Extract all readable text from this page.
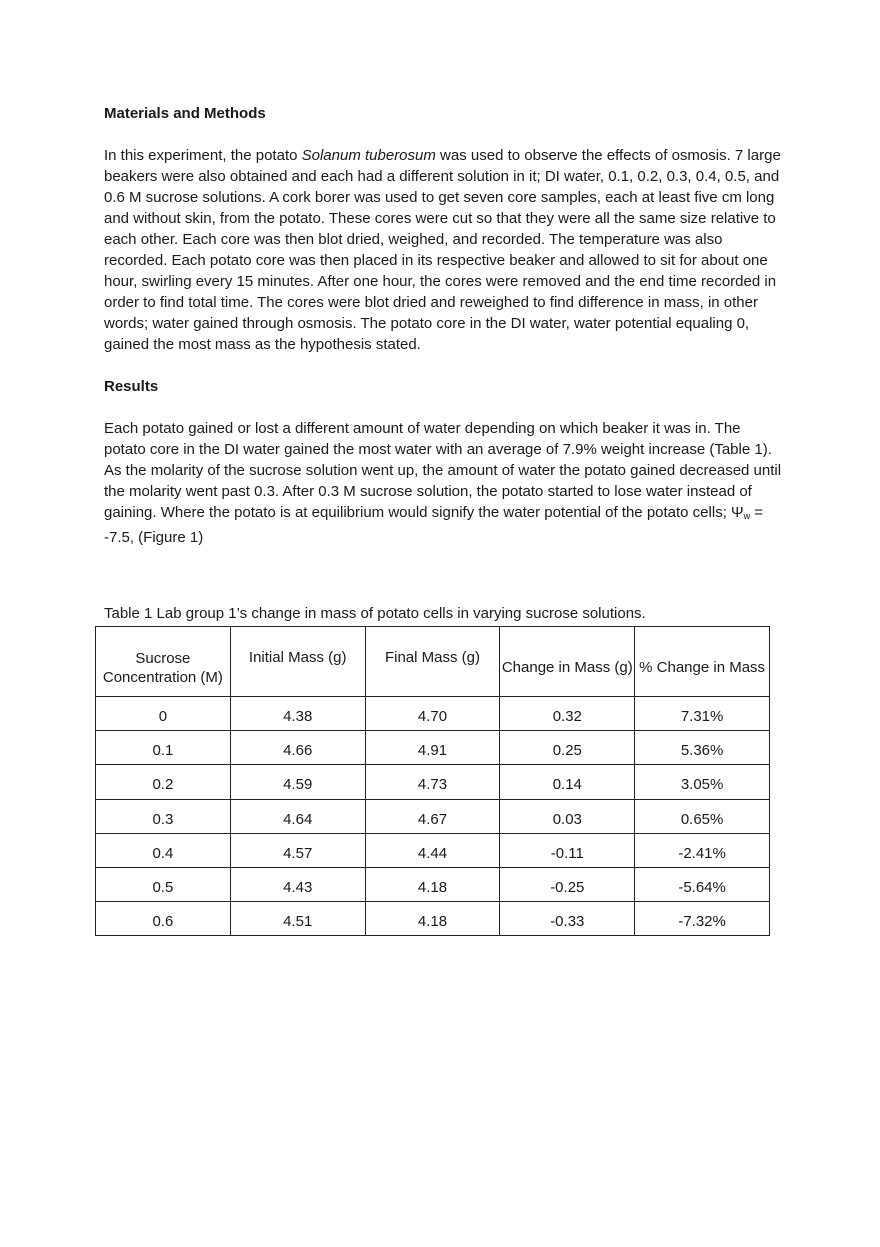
Materials and Methods

In this experiment, the potato Solanum tuberosum was used to observe the effects of osmosis. 7 large beakers were also obtained and each had a different solution in it; DI water, 0.1, 0.2, 0.3, 0.4, 0.5, and 0.6 M sucrose solutions. A cork borer was used to get seven core samples, each at least five cm long and without skin, from the potato. These cores were cut so that they were all the same size relative to each other. Each core was then blot dried, weighed, and recorded. The temperature was also recorded. Each potato core was then placed in its respective beaker and allowed to sit for about one hour, swirling every 15 minutes. After one hour, the cores were removed and the end time recorded in order to find total time. The cores were blot dried and reweighed to find difference in mass, in other words; water gained through osmosis. The potato core in the DI water, water potential equaling 0, gained the most mass as the hypothesis stated.

Results

Each potato gained or lost a different amount of water depending on which beaker it was in. The potato core in the DI water gained the most water with an average of 7.9% weight increase (Table 1). As the molarity of the sucrose solution went up, the amount of water the potato gained decreased until the molarity went past 0.3. After 0.3 M sucrose solution, the potato started to lose water instead of gaining. Where the potato is at equilibrium would signify the water potential of the potato cells; Ψw = -7.5, (Figure 1)

Table 1 Lab group 1’s change in mass of potato cells in varying sucrose solutions.
Sucrose Concentration (M)	Initial Mass (g)	Final Mass (g)	Change in Mass (g)	% Change in Mass

0	4.38	4.70	0.32	7.31%
0.1	4.66	4.91	0.25	5.36%
0.2	4.59	4.73	0.14	3.05%
0.3	4.64	4.67	0.03	0.65%
0.4	4.57	4.44	-0.11	-2.41%
0.5	4.43	4.18	-0.25	-5.64%
0.6	4.51	4.18	-0.33	-7.32%
